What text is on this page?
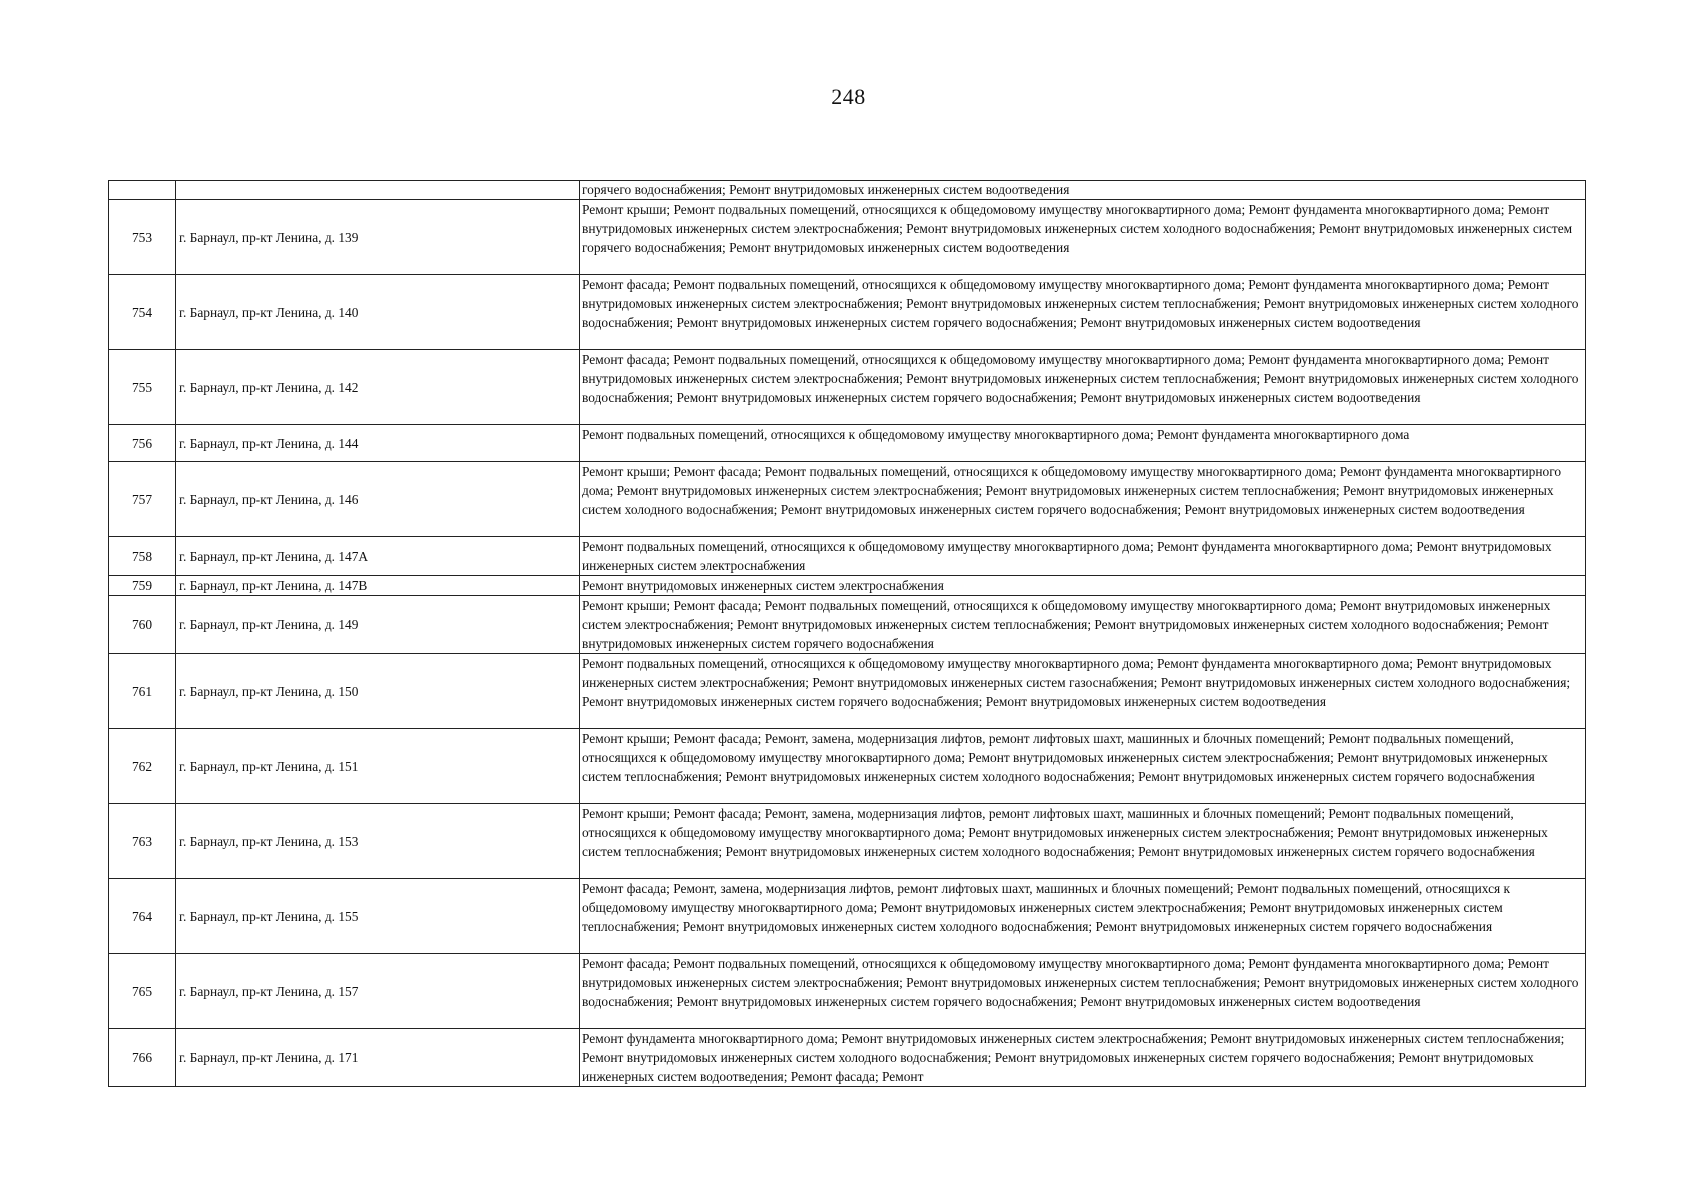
248
		горячего водоснабжения; Ремонт внутридомовых инженерных систем водоотведения
753	г. Барнаул, пр-кт Ленина, д. 139	Ремонт крыши; Ремонт подвальных помещений, относящихся к общедомовому имуществу многоквартирного дома; Ремонт фундамента многоквартирного дома; Ремонт внутридомовых инженерных систем электроснабжения; Ремонт внутридомовых инженерных систем холодного водоснабжения; Ремонт внутридомовых инженерных систем горячего водоснабжения; Ремонт внутридомовых инженерных систем водоотведения
754	г. Барнаул, пр-кт Ленина, д. 140	Ремонт фасада; Ремонт подвальных помещений, относящихся к общедомовому имуществу многоквартирного дома; Ремонт фундамента многоквартирного дома; Ремонт внутридомовых инженерных систем электроснабжения; Ремонт внутридомовых инженерных систем теплоснабжения; Ремонт внутридомовых инженерных систем холодного водоснабжения; Ремонт внутридомовых инженерных систем горячего водоснабжения; Ремонт внутридомовых инженерных систем водоотведения
755	г. Барнаул, пр-кт Ленина, д. 142	Ремонт фасада; Ремонт подвальных помещений, относящихся к общедомовому имуществу многоквартирного дома; Ремонт фундамента многоквартирного дома; Ремонт внутридомовых инженерных систем электроснабжения; Ремонт внутридомовых инженерных систем теплоснабжения; Ремонт внутридомовых инженерных систем холодного водоснабжения; Ремонт внутридомовых инженерных систем горячего водоснабжения; Ремонт внутридомовых инженерных систем водоотведения
756	г. Барнаул, пр-кт Ленина, д. 144	Ремонт подвальных помещений, относящихся к общедомовому имуществу многоквартирного дома; Ремонт фундамента многоквартирного дома
757	г. Барнаул, пр-кт Ленина, д. 146	Ремонт крыши; Ремонт фасада; Ремонт подвальных помещений, относящихся к общедомовому имуществу многоквартирного дома; Ремонт фундамента многоквартирного дома; Ремонт внутридомовых инженерных систем электроснабжения; Ремонт внутридомовых инженерных систем теплоснабжения; Ремонт внутридомовых инженерных систем холодного водоснабжения; Ремонт внутридомовых инженерных систем горячего водоснабжения; Ремонт внутридомовых инженерных систем водоотведения
758	г. Барнаул, пр-кт Ленина, д. 147А	Ремонт подвальных помещений, относящихся к общедомовому имуществу многоквартирного дома; Ремонт фундамента многоквартирного дома; Ремонт внутридомовых инженерных систем электроснабжения
759	г. Барнаул, пр-кт Ленина, д. 147В	Ремонт внутридомовых инженерных систем электроснабжения
760	г. Барнаул, пр-кт Ленина, д. 149	Ремонт крыши; Ремонт фасада; Ремонт подвальных помещений, относящихся к общедомовому имуществу многоквартирного дома; Ремонт внутридомовых инженерных систем электроснабжения; Ремонт внутридомовых инженерных систем теплоснабжения; Ремонт внутридомовых инженерных систем холодного водоснабжения; Ремонт внутридомовых инженерных систем горячего водоснабжения
761	г. Барнаул, пр-кт Ленина, д. 150	Ремонт подвальных помещений, относящихся к общедомовому имуществу многоквартирного дома; Ремонт фундамента многоквартирного дома; Ремонт внутридомовых инженерных систем электроснабжения; Ремонт внутридомовых инженерных систем газоснабжения; Ремонт внутридомовых инженерных систем холодного водоснабжения; Ремонт внутридомовых инженерных систем горячего водоснабжения; Ремонт внутридомовых инженерных систем водоотведения
762	г. Барнаул, пр-кт Ленина, д. 151	Ремонт крыши; Ремонт фасада; Ремонт, замена, модернизация лифтов, ремонт лифтовых шахт, машинных и блочных помещений; Ремонт подвальных помещений, относящихся к общедомовому имуществу многоквартирного дома; Ремонт внутридомовых инженерных систем электроснабжения; Ремонт внутридомовых инженерных систем теплоснабжения; Ремонт внутридомовых инженерных систем холодного водоснабжения; Ремонт внутридомовых инженерных систем горячего водоснабжения
763	г. Барнаул, пр-кт Ленина, д. 153	Ремонт крыши; Ремонт фасада; Ремонт, замена, модернизация лифтов, ремонт лифтовых шахт, машинных и блочных помещений; Ремонт подвальных помещений, относящихся к общедомовому имуществу многоквартирного дома; Ремонт внутридомовых инженерных систем электроснабжения; Ремонт внутридомовых инженерных систем теплоснабжения; Ремонт внутридомовых инженерных систем холодного водоснабжения; Ремонт внутридомовых инженерных систем горячего водоснабжения
764	г. Барнаул, пр-кт Ленина, д. 155	Ремонт фасада; Ремонт, замена, модернизация лифтов, ремонт лифтовых шахт, машинных и блочных помещений; Ремонт подвальных помещений, относящихся к общедомовому имуществу многоквартирного дома; Ремонт внутридомовых инженерных систем электроснабжения; Ремонт внутридомовых инженерных систем теплоснабжения; Ремонт внутридомовых инженерных систем холодного водоснабжения; Ремонт внутридомовых инженерных систем горячего водоснабжения
765	г. Барнаул, пр-кт Ленина, д. 157	Ремонт фасада; Ремонт подвальных помещений, относящихся к общедомовому имуществу многоквартирного дома; Ремонт фундамента многоквартирного дома; Ремонт внутридомовых инженерных систем электроснабжения; Ремонт внутридомовых инженерных систем теплоснабжения; Ремонт внутридомовых инженерных систем холодного водоснабжения; Ремонт внутридомовых инженерных систем горячего водоснабжения; Ремонт внутридомовых инженерных систем водоотведения
766	г. Барнаул, пр-кт Ленина, д. 171	Ремонт фундамента многоквартирного дома; Ремонт внутридомовых инженерных систем электроснабжения; Ремонт внутридомовых инженерных систем теплоснабжения; Ремонт внутридомовых инженерных систем холодного водоснабжения; Ремонт внутридомовых инженерных систем горячего водоснабжения; Ремонт внутридомовых инженерных систем водоотведения; Ремонт фасада; Ремонт
